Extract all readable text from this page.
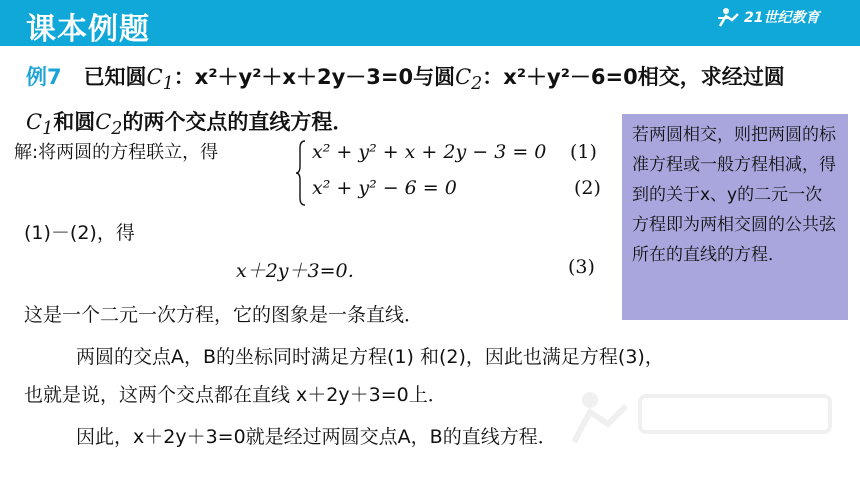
课本例题	21世纪教育
例7 已知圆$C_1$：x²＋y²＋x＋2y－3=0与圆$C_2$：x²＋y²－6=0相交，求经过圆
$C_1$和圆$C_2$的两个交点的直线方程．
若两圆相交，则把两圆的标准方程或一般方程相减，得到的关于x、y的二元一次方程即为两相交圆的公共弦所在的直线的方程．
解:将两圆的方程联立，得	x² + y² + x + 2y − 3 = 0
x² + y² − 6 = 0
(1)
(2)
(1)－(2)，得
x＋2y＋3=0．	(3)
这是一个二元一次方程，它的图象是一条直线．
两圆的交点A，B的坐标同时满足方程(1) 和(2)，因此也满足方程(3)，
也就是说，这两个交点都在直线 x＋2y＋3=0上．
因此，x＋2y＋3=0就是经过两圆交点A，B的直线方程．
